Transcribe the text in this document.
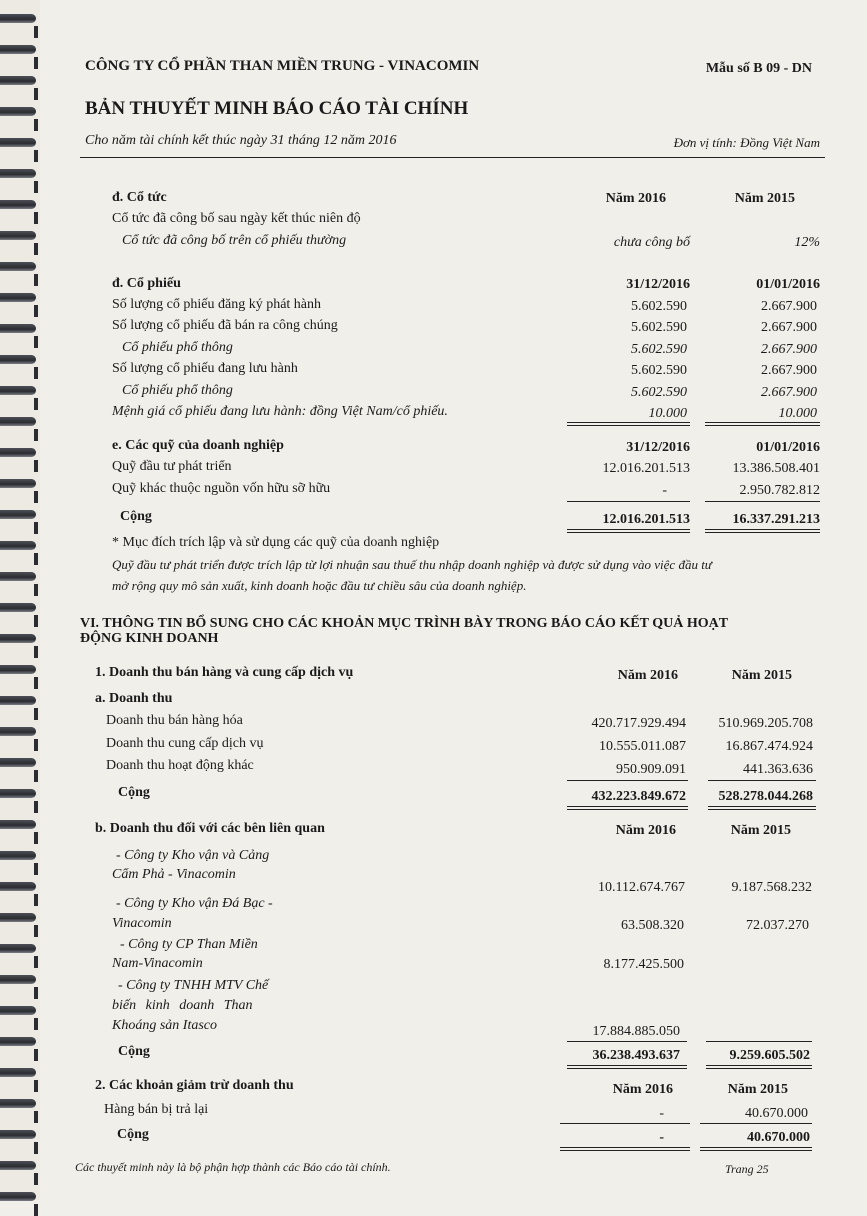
CÔNG TY CỔ PHẦN THAN MIỀN TRUNG - VINACOMIN	Mẫu số B 09 - DN
BẢN THUYẾT MINH BÁO CÁO TÀI CHÍNH
Cho năm tài chính kết thúc ngày 31 tháng 12 năm 2016	Đơn vị tính: Đồng Việt Nam
đ. Cổ tức	Năm 2016	Năm 2015
Cổ tức đã công bố sau ngày kết thúc niên độ
Cổ tức đã công bố trên cổ phiếu thường	chưa công bố	12%
đ. Cổ phiếu	31/12/2016	01/01/2016
Số lượng cổ phiếu đăng ký phát hành	5.602.590	2.667.900
Số lượng cổ phiếu đã bán ra công chúng	5.602.590	2.667.900
Cổ phiếu phổ thông	5.602.590	2.667.900
Số lượng cổ phiếu đang lưu hành	5.602.590	2.667.900
Cổ phiếu phổ thông	5.602.590	2.667.900
Mệnh giá cổ phiếu đang lưu hành: đồng Việt Nam/cổ phiếu.	10.000	10.000
e. Các quỹ của doanh nghiệp	31/12/2016	01/01/2016
Quỹ đầu tư phát triển	12.016.201.513	13.386.508.401
Quỹ khác thuộc nguồn vốn hữu sỡ hữu	-	2.950.782.812
Cộng	12.016.201.513	16.337.291.213
* Mục đích trích lập và sử dụng các quỹ của doanh nghiệp
Quỹ đầu tư phát triển được trích lập từ lợi nhuận sau thuế thu nhập doanh nghiệp và được sử dụng vào việc đầu tư
mở rộng quy mô sản xuất, kinh doanh hoặc đầu tư chiều sâu của doanh nghiệp.
VI. THÔNG TIN BỔ SUNG CHO CÁC KHOẢN MỤC TRÌNH BÀY TRONG BÁO CÁO KẾT QUẢ HOẠT
ĐỘNG KINH DOANH
1. Doanh thu bán hàng và cung cấp dịch vụ	Năm 2016	Năm 2015
a. Doanh thu
Doanh thu bán hàng hóa	420.717.929.494	510.969.205.708
Doanh thu cung cấp dịch vụ	10.555.011.087	16.867.474.924
Doanh thu hoạt động khác	950.909.091	441.363.636
Cộng	432.223.849.672	528.278.044.268
b. Doanh thu đối với các bên liên quan	Năm 2016	Năm 2015
- Công ty Kho vận và Cảng
Cẩm Phả - Vinacomin
10.112.674.767	9.187.568.232
- Công ty Kho vận Đá Bạc -
Vinacomin	63.508.320	72.037.270
- Công ty CP Than Miền
Nam-Vinacomin	8.177.425.500
- Công ty TNHH MTV Chế
biến kinh doanh Than
Khoáng sản Itasco	17.884.885.050
Cộng	36.238.493.637	9.259.605.502
2. Các khoản giảm trừ doanh thu	Năm 2016	Năm 2015
Hàng bán bị trả lại	-	40.670.000
Cộng	-	40.670.000
Các thuyết minh này là bộ phận hợp thành các Báo cáo tài chính.	Trang 25
